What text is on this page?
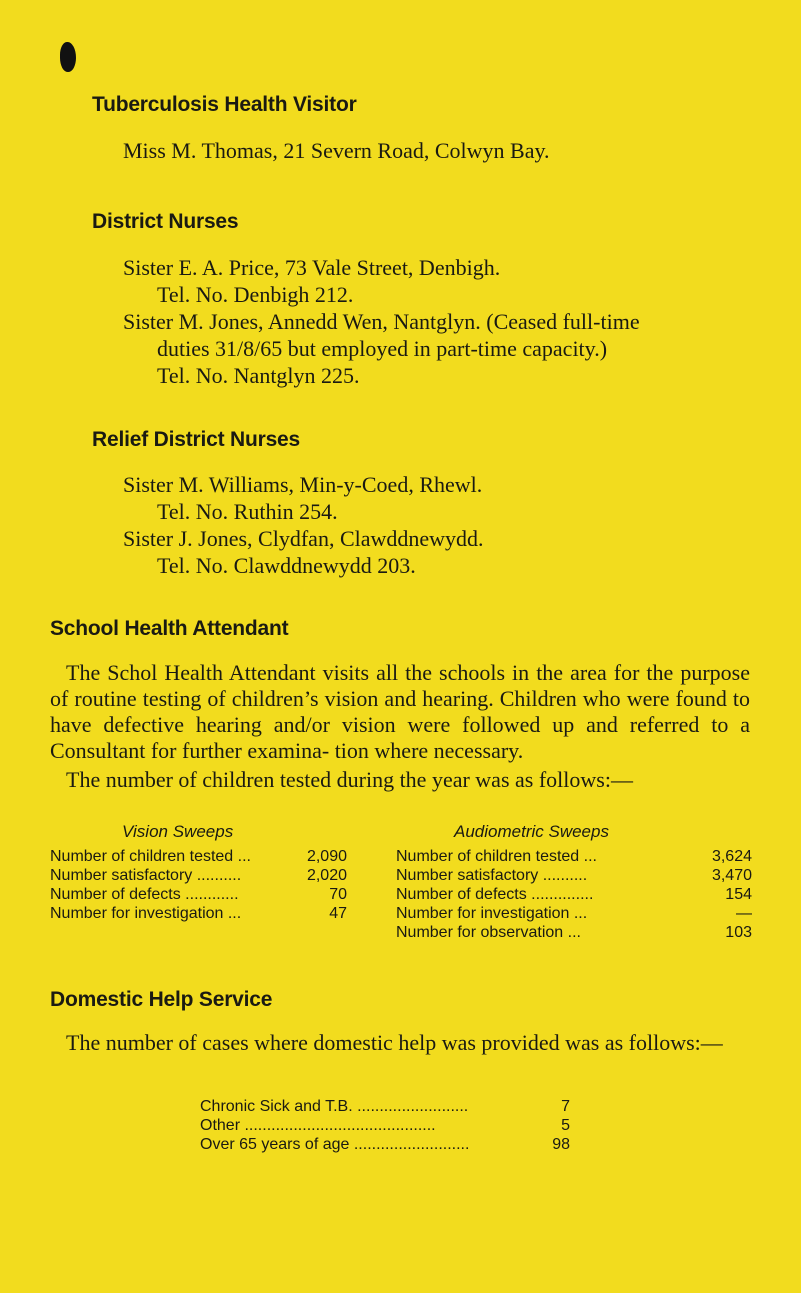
Tuberculosis Health Visitor

Miss M. Thomas, 21 Severn Road, Colwyn Bay.

District Nurses

Sister E. A. Price, 73 Vale Street, Denbigh.

Tel. No. Denbigh 212.

Sister M. Jones, Annedd Wen, Nantglyn. (Ceased full-time

duties 31/8/65 but employed in part-time capacity.)

Tel. No. Nantglyn 225.

Relief District Nurses

Sister M. Williams, Min-y-Coed, Rhewl.

Tel. No. Ruthin 254.

Sister J. Jones, Clydfan, Clawddnewydd.

Tel. No. Clawddnewydd 203.

School Health Attendant

The Schol Health Attendant visits all the schools in the area for the purpose of routine testing of children’s vision and hearing. Children who were found to have defective hearing and/or vision were followed up and referred to a Consultant for further examina- tion where necessary.

The number of children tested during the year was as follows:—

Vision Sweeps
Number of children tested ...	2,090
Number satisfactory ..........	2,020
Number of defects ............	70
Number for investigation ...	47
Audiometric Sweeps
Number of children tested ...	3,624
Number satisfactory ..........	3,470
Number of defects ..............	154
Number for investigation ...	—
Number for observation ...	103
Domestic Help Service

The number of cases where domestic help was provided was as follows:—

Chronic Sick and T.B. .........................	7
Other ...........................................	5
Over 65 years of age ..........................	98
